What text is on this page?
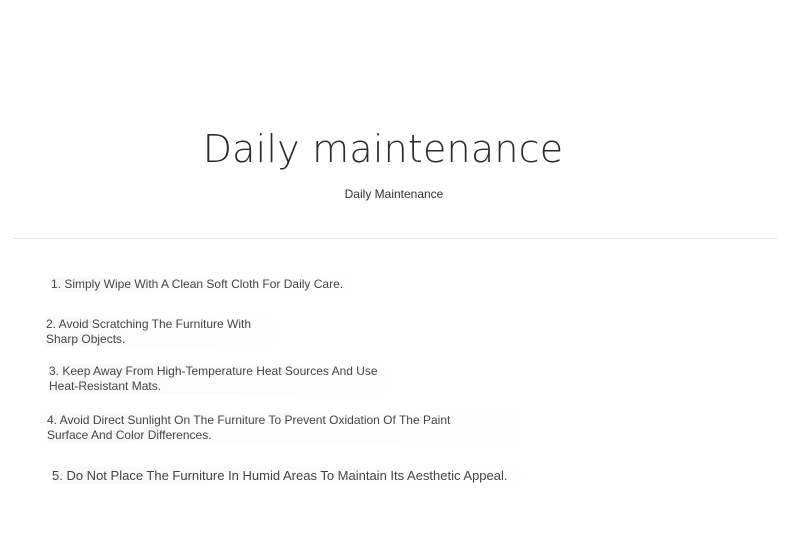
Daily maintenance
Daily Maintenance
1. Simply Wipe With A Clean Soft Cloth For Daily Care.
2. Avoid Scratching The Furniture With
Sharp Objects.
3. Keep Away From High-Temperature Heat Sources And Use
Heat-Resistant Mats.
4. Avoid Direct Sunlight On The Furniture To Prevent Oxidation Of The Paint
Surface And Color Differences.
5. Do Not Place The Furniture In Humid Areas To Maintain Its Aesthetic Appeal.
